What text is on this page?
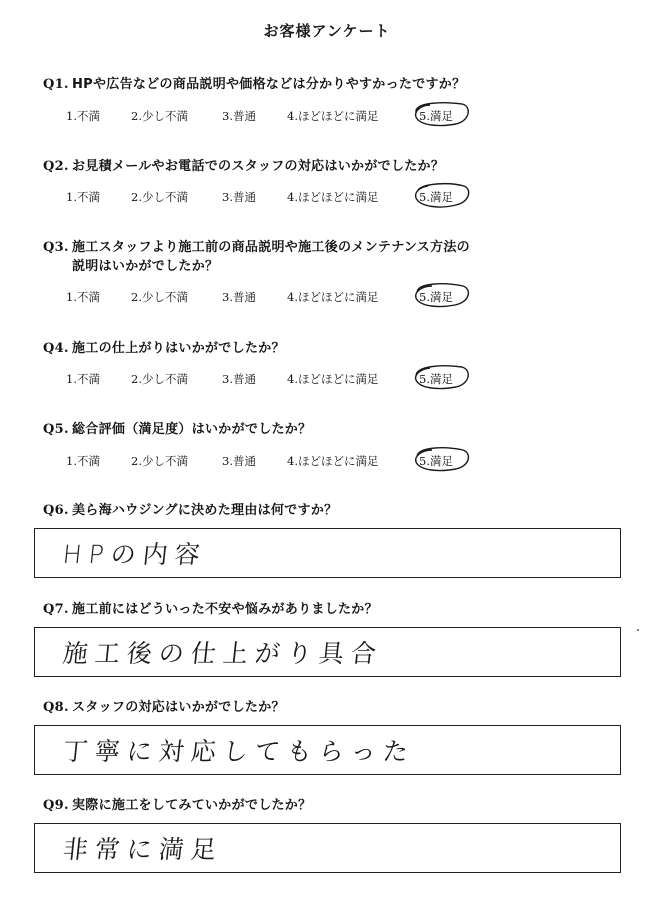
お客様アンケート
Q1. HPや広告などの商品説明や価格などは分かりやすかったですか？
1.不満	2.少し不満	3.普通	4.ほどほどに満足	5.満足
Q2. お見積メールやお電話でのスタッフの対応はいかがでしたか？
1.不満	2.少し不満	3.普通	4.ほどほどに満足	5.満足
Q3. 施工スタッフより施工前の商品説明や施工後のメンテナンス方法の
説明はいかがでしたか？
1.不満	2.少し不満	3.普通	4.ほどほどに満足	5.満足
Q4. 施工の仕上がりはいかがでしたか？
1.不満	2.少し不満	3.普通	4.ほどほどに満足	5.満足
Q5. 総合評価（満足度）はいかがでしたか？
1.不満	2.少し不満	3.普通	4.ほどほどに満足	5.満足
Q6. 美ら海ハウジングに決めた理由は何ですか？
HPの内容
Q7. 施工前にはどういった不安や悩みがありましたか？
施工後の仕上がり具合
Q8. スタッフの対応はいかがでしたか？
丁寧に対応してもらった
Q9. 実際に施工をしてみていかがでしたか？
非常に満足
